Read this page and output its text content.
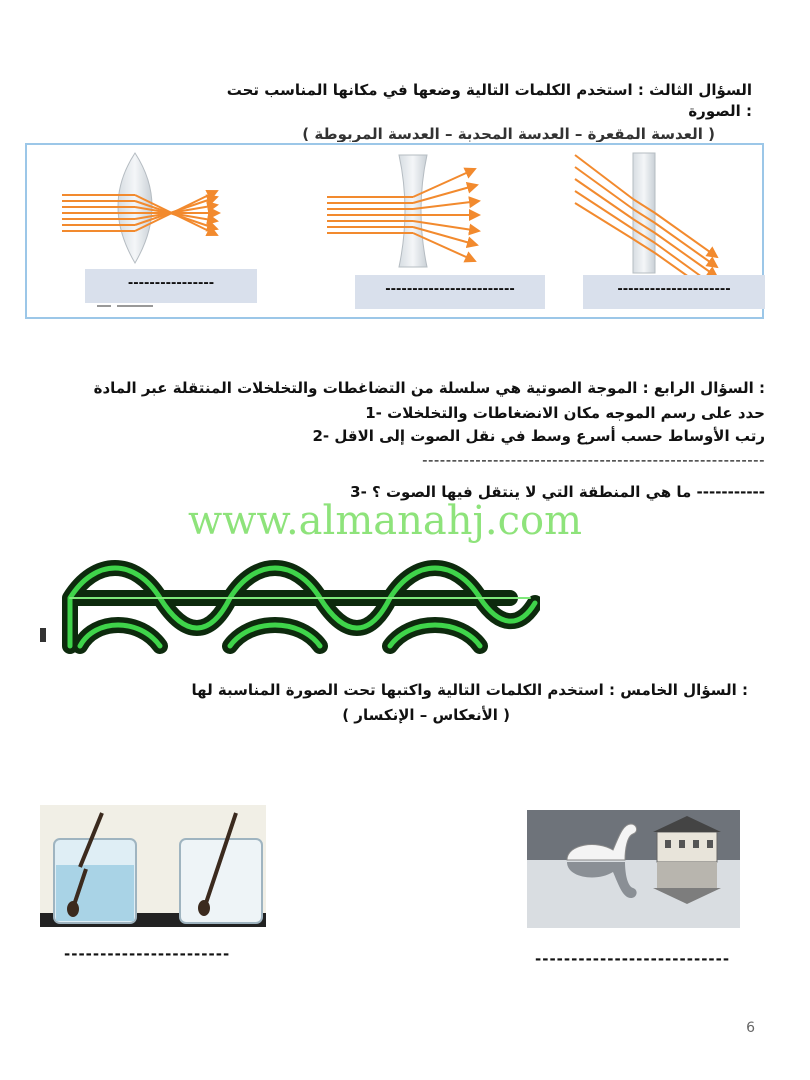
السؤال الثالث : استخدم الكلمات التالية وضعها في مكانها المناسب تحت
: الصورة
( العدسة المقعرة – العدسة المحدبة – العدسة المربوطة )
----------------	------------------------	---------------------
: السؤال الرابع : الموجة الصوتية هي سلسلة من التضاغطات والتخلخلات المنتقلة عبر المادة
حدد على رسم الموجه مكان الانضغاطات والتخلخلات -1
رتب الأوساط حسب أسرع وسط في نقل الصوت إلى الاقل -2
----------------------------------------------------------
----------- ما هي المنطقة التي لا ينتقل فيها الصوت ؟ -3
www.almanahj.com
: السؤال الخامس : استخدم الكلمات التالية واكتبها تحت الصورة المناسبة لها
( الأنعكاس – الإنكسار )
-----------------------	---------------------------
6
